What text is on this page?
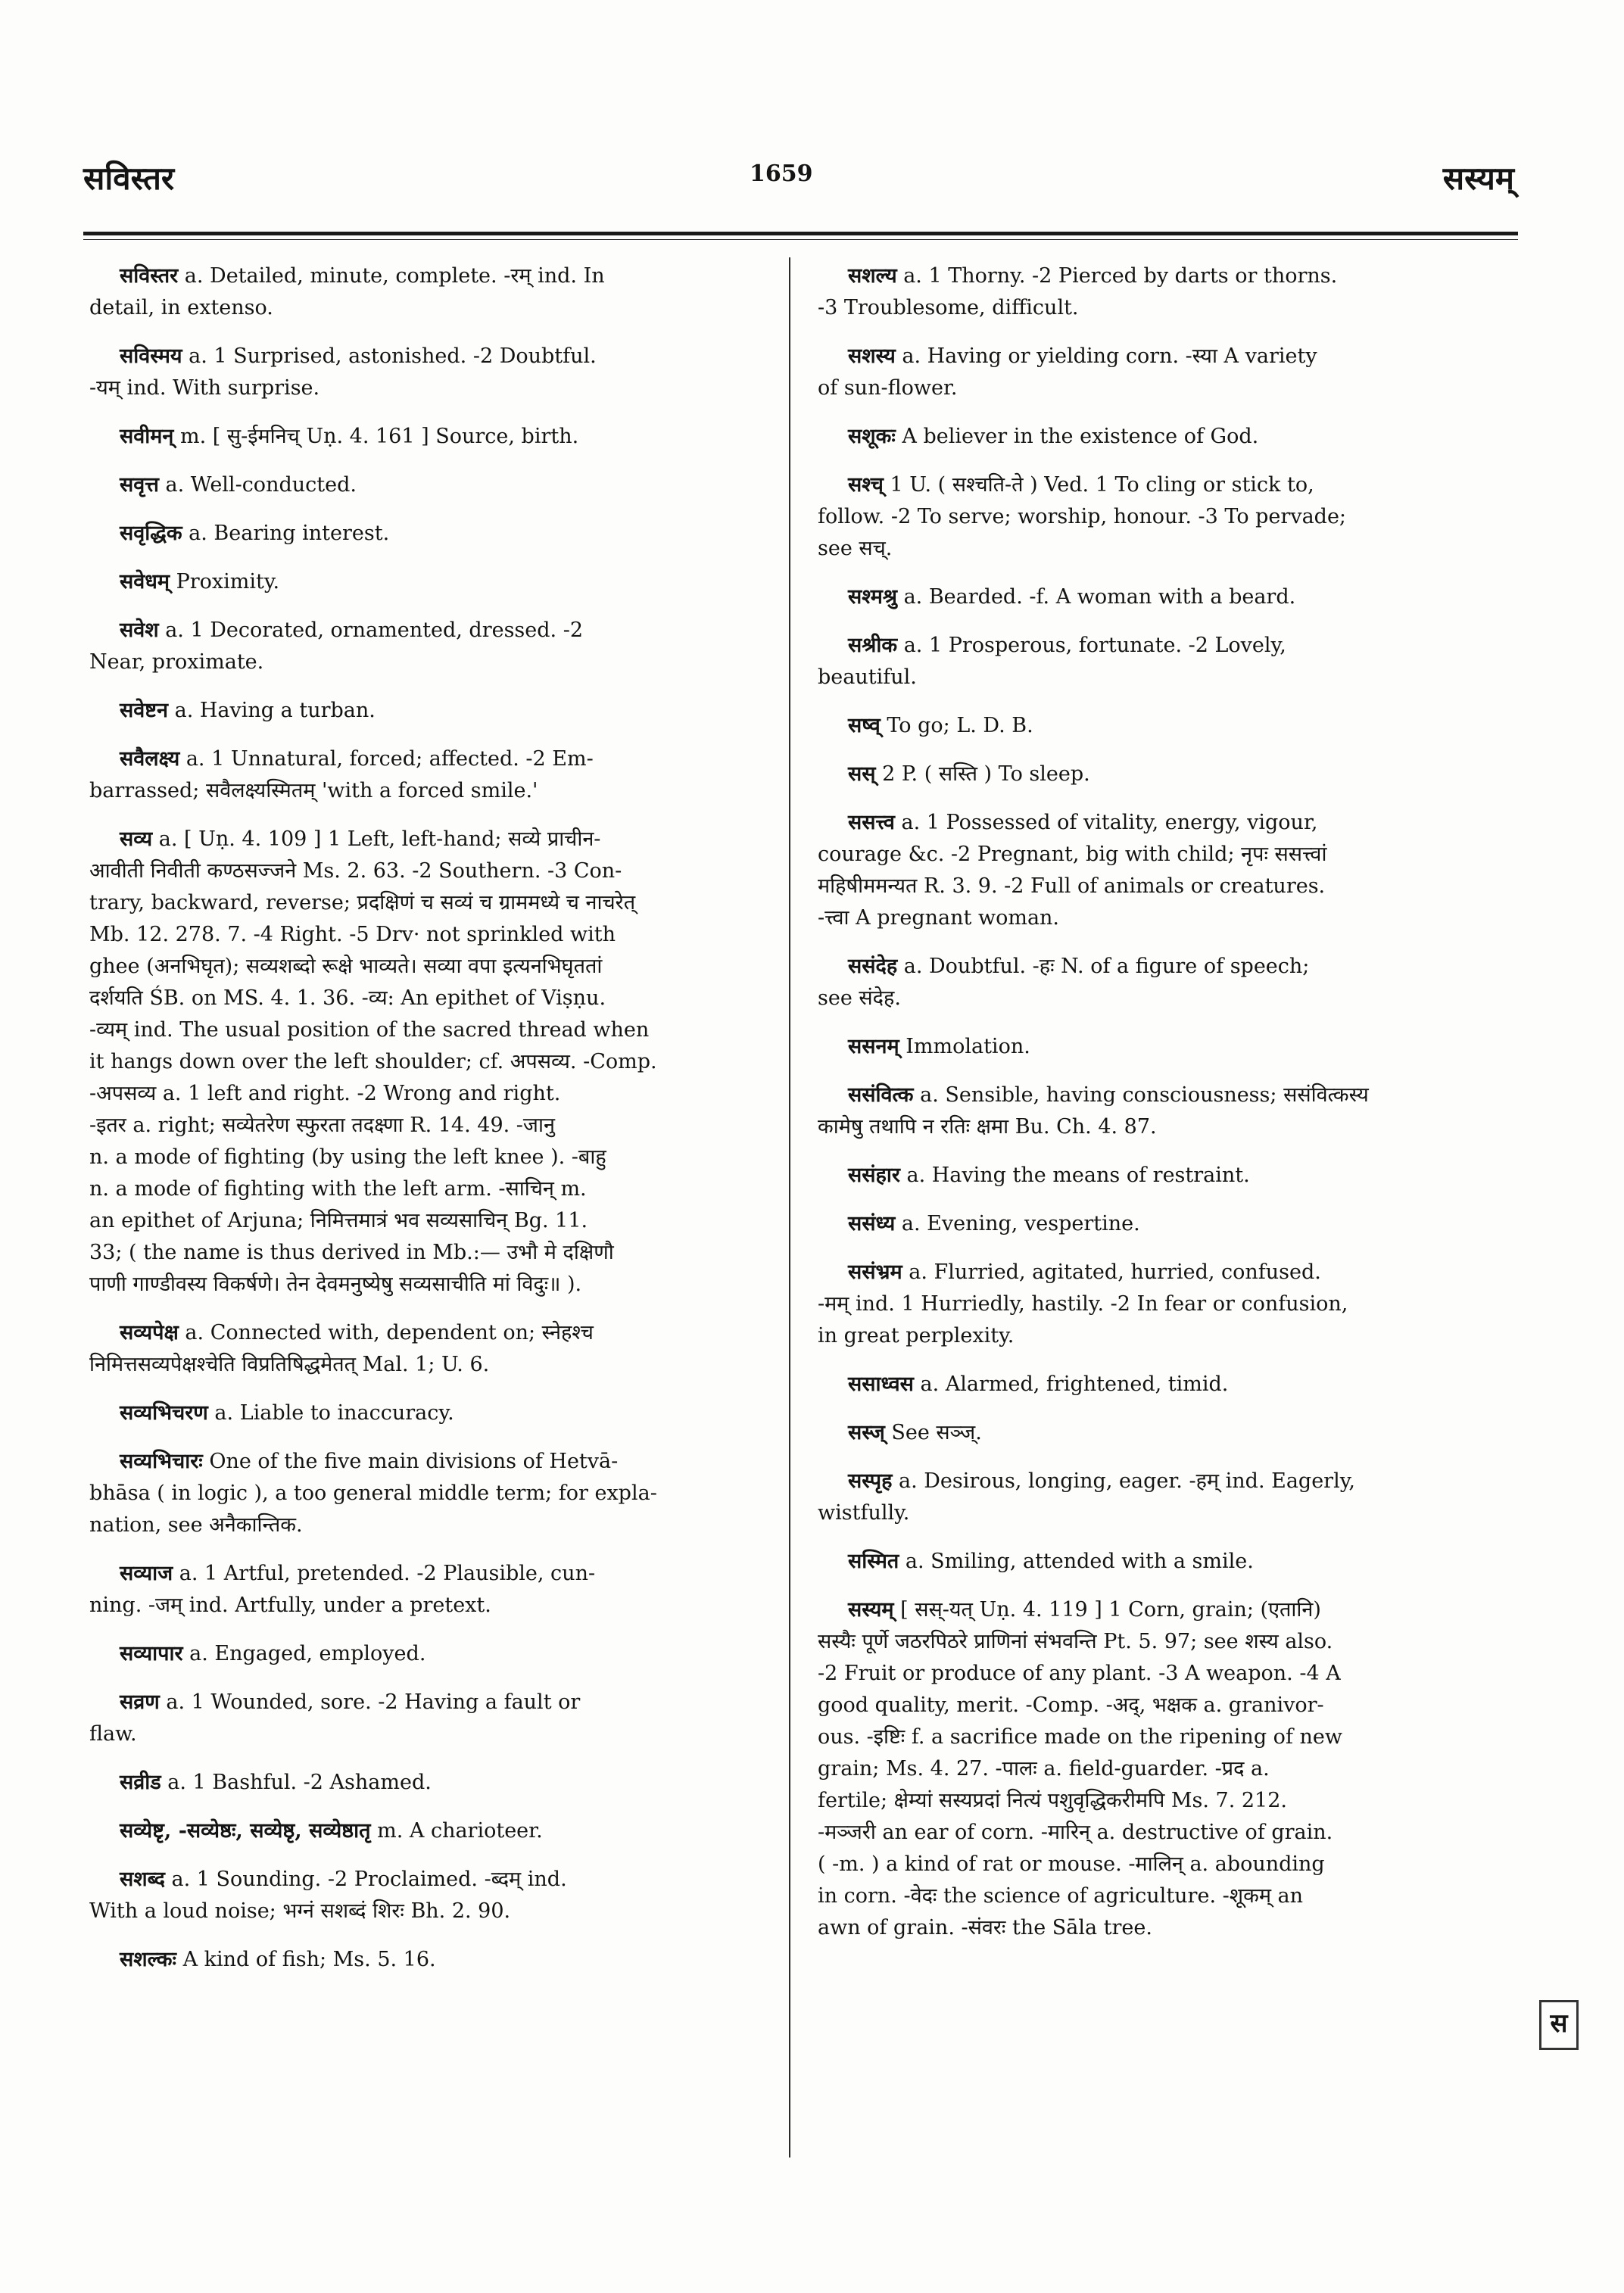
सविस्तर	1659	सस्यम्
सविस्तर a. Detailed, minute, complete. -रम् ind. In
detail, in extenso.
सविस्मय a. 1 Surprised, astonished. -2 Doubtful.
-यम् ind. With surprise.
सवीमन् m. [ सु-ईमनिच् Uṇ. 4. 161 ] Source, birth.
सवृत्त a. Well-conducted.
सवृद्धिक a. Bearing interest.
सवेधम् Proximity.
सवेश a. 1 Decorated, ornamented, dressed. -2
Near, proximate.
सवेष्टन a. Having a turban.
सवैलक्ष्य a. 1 Unnatural, forced; affected. -2 Em-
barrassed; सवैलक्ष्यस्मितम् 'with a forced smile.'
सव्य a. [ Uṇ. 4. 109 ] 1 Left, left-hand; सव्ये प्राचीन-
आवीती निवीती कण्ठसज्जने Ms. 2. 63. -2 Southern. -3 Con-
trary, backward, reverse; प्रदक्षिणं च सव्यं च ग्राममध्ये च नाचरेत्
Mb. 12. 278. 7. -4 Right. -5 Drv· not sprinkled with
ghee (अनभिघृत); सव्यशब्दो रूक्षे भाव्यते। सव्या वपा इत्यनभिघृततां
दर्शयति ŚB. on MS. 4. 1. 36. -व्य: An epithet of Viṣṇu.
-व्यम् ind. The usual position of the sacred thread when
it hangs down over the left shoulder; cf. अपसव्य. -Comp.
-अपसव्य a. 1 left and right. -2 Wrong and right.
-इतर a. right; सव्येतरेण स्फुरता तदक्ष्णा R. 14. 49. -जानु
n. a mode of fighting (by using the left knee ). -बाहु
n. a mode of fighting with the left arm. -साचिन् m.
an epithet of Arjuna; निमित्तमात्रं भव सव्यसाचिन् Bg. 11.
33; ( the name is thus derived in Mb.:— उभौ मे दक्षिणौ
पाणी गाण्डीवस्य विकर्षणे। तेन देवमनुष्येषु सव्यसाचीति मां विदुः॥ ).
सव्यपेक्ष a. Connected with, dependent on; स्नेहश्च
निमित्तसव्यपेक्षश्चेति विप्रतिषिद्धमेतत् Mal. 1; U. 6.
सव्यभिचरण a. Liable to inaccuracy.
सव्यभिचारः One of the five main divisions of Hetvā-
bhāsa ( in logic ), a too general middle term; for expla-
nation, see अनैकान्तिक.
सव्याज a. 1 Artful, pretended. -2 Plausible, cun-
ning. -जम् ind. Artfully, under a pretext.
सव्यापार a. Engaged, employed.
सव्रण a. 1 Wounded, sore. -2 Having a fault or
flaw.
सव्रीड a. 1 Bashful. -2 Ashamed.
सव्येष्टृ, -सव्येष्ठः, सव्येष्ठृ, सव्येष्ठातृ m. A charioteer.
सशब्द a. 1 Sounding. -2 Proclaimed. -ब्दम् ind.
With a loud noise; भग्नं सशब्दं शिरः Bh. 2. 90.
सशल्कः A kind of fish; Ms. 5. 16.
सशल्य a. 1 Thorny. -2 Pierced by darts or thorns.
-3 Troublesome, difficult.
सशस्य a. Having or yielding corn. -स्या A variety
of sun-flower.
सशूकः A believer in the existence of God.
सश्च् 1 U. ( सश्चति-ते ) Ved. 1 To cling or stick to,
follow. -2 To serve; worship, honour. -3 To pervade;
see सच्.
सश्मश्रु a. Bearded. -f. A woman with a beard.
सश्रीक a. 1 Prosperous, fortunate. -2 Lovely,
beautiful.
सष्व् To go; L. D. B.
सस् 2 P. ( सस्ति ) To sleep.
ससत्त्व a. 1 Possessed of vitality, energy, vigour,
courage &c. -2 Pregnant, big with child; नृपः ससत्त्वां
महिषीममन्यत R. 3. 9. -2 Full of animals or creatures.
-त्त्वा A pregnant woman.
ससंदेह a. Doubtful. -हः N. of a figure of speech;
see संदेह.
ससनम् Immolation.
ससंवित्क a. Sensible, having consciousness; ससंवित्कस्य
कामेषु तथापि न रतिः क्षमा Bu. Ch. 4. 87.
ससंहार a. Having the means of restraint.
ससंध्य a. Evening, vespertine.
ससंभ्रम a. Flurried, agitated, hurried, confused.
-मम् ind. 1 Hurriedly, hastily. -2 In fear or confusion,
in great perplexity.
ससाध्वस a. Alarmed, frightened, timid.
सस्ज् See सञ्ज्.
सस्पृह a. Desirous, longing, eager. -हम् ind. Eagerly,
wistfully.
सस्मित a. Smiling, attended with a smile.
सस्यम् [ सस्-यत् Uṇ. 4. 119 ] 1 Corn, grain; (एतानि)
सस्यैः पूर्णे जठरपिठरे प्राणिनां संभवन्ति Pt. 5. 97; see शस्य also.
-2 Fruit or produce of any plant. -3 A weapon. -4 A
good quality, merit. -Comp. -अद्, भक्षक a. granivor-
ous. -इष्टिः f. a sacrifice made on the ripening of new
grain; Ms. 4. 27. -पालः a. field-guarder. -प्रद a.
fertile; क्षेम्यां सस्यप्रदां नित्यं पशुवृद्धिकरीमपि Ms. 7. 212.
-मञ्जरी an ear of corn. -मारिन् a. destructive of grain.
( -m. ) a kind of rat or mouse. -मालिन् a. abounding
in corn. -वेदः the science of agriculture. -शूकम् an
awn of grain. -संवरः the Sāla tree.
स
